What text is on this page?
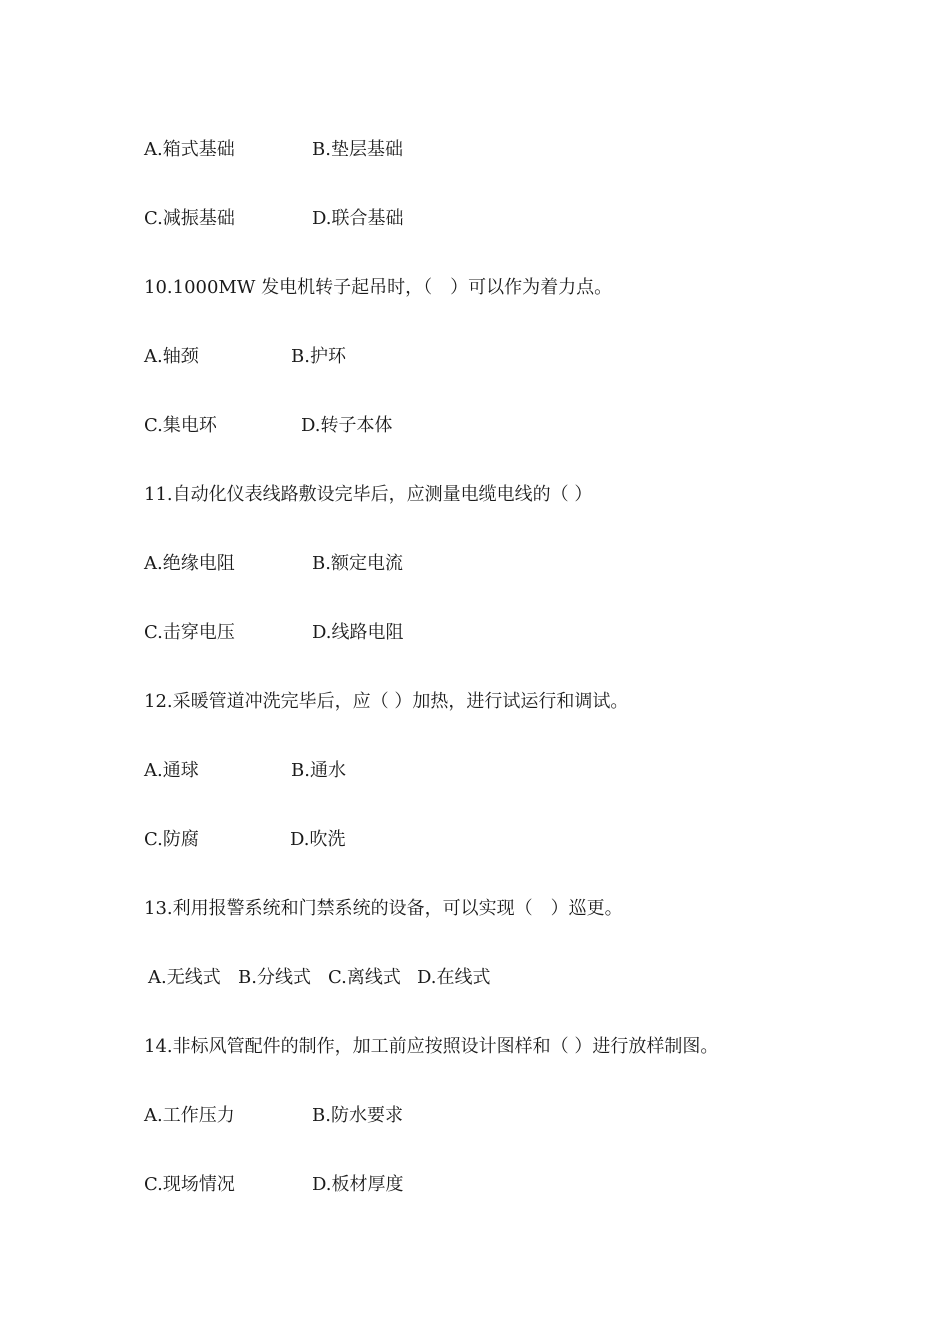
A.箱式基础	B.垫层基础
C.减振基础	D.联合基础
10.1000MW 发电机转子起吊时，（　）可以作为着力点。
A.轴颈	B.护环
C.集电环	D.转子本体
11.自动化仪表线路敷设完毕后，应测量电缆电线的（ ）
A.绝缘电阻	B.额定电流
C.击穿电压	D.线路电阻
12.采暖管道冲洗完毕后，应（ ）加热，进行试运行和调试。
A.通球	B.通水
C.防腐	D.吹洗
13.利用报警系统和门禁系统的设备，可以实现（　）巡更。
A.无线式 B.分线式 C.离线式 D.在线式
14.非标风管配件的制作，加工前应按照设计图样和（ ）进行放样制图。
A.工作压力	B.防水要求
C.现场情况	D.板材厚度
